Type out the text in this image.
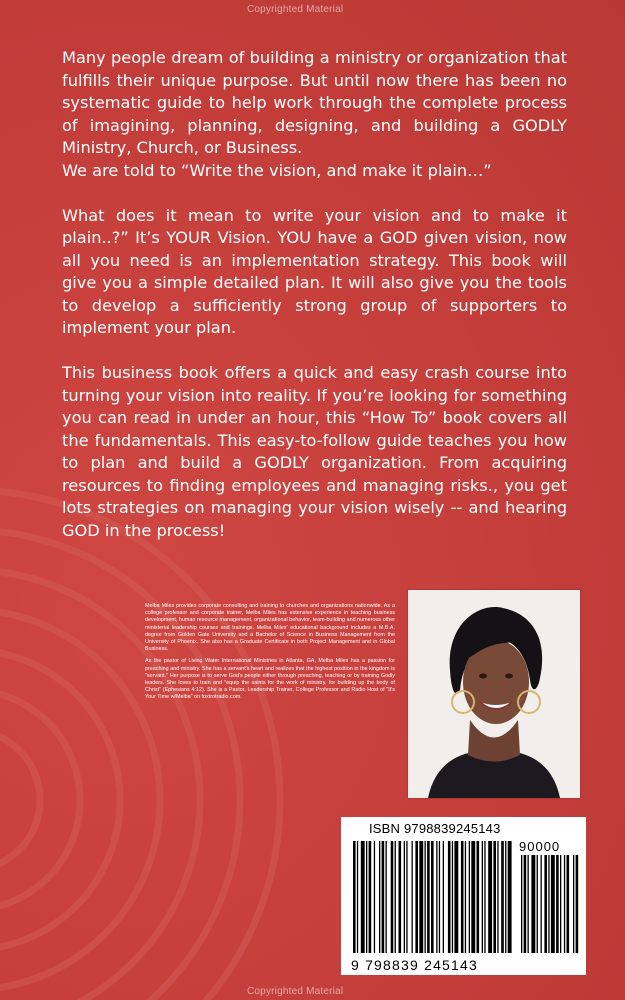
Copyrighted Material

Many people dream of building a ministry or organization that fulfills their unique purpose. But until now there has been no systematic guide to help work through the complete process of imagining, planning, designing, and building a GODLY Ministry, Church, or Business.
We are told to “Write the vision, and make it plain…”

What does it mean to write your vision and to make it plain..?” It’s YOUR Vision. YOU have a GOD given vision, now all you need is an implementation strategy. This book will give you a simple detailed plan. It will also give you the tools to develop a sufficiently strong group of supporters to implement your plan.

This business book offers a quick and easy crash course into turning your vision into reality. If you’re looking for something you can read in under an hour, this “How To” book covers all the fundamentals. This easy-to-follow guide teaches you how to plan and build a GODLY organization. From acquiring resources to finding employees and managing risks., you get lots strategies on managing your vision wisely -- and hearing GOD in the process!

Melba Miles provides corporate consulting and training to churches and organizations nationwide. As a college professor and corporate trainer, Melba Miles has extensive experience in teaching business development, human resource management, organizational behavior, team-building and numerous other ministerial leadership courses and trainings. Melba Miles' educational background includes a M.B.A. degree from Golden Gate University and a Bachelor of Science in Business Management from the University of Phoenix. She also has a Graduate Certificate in both Project Management and in Global Business.

As the pastor of Living Water International Ministries in Atlanta, GA, Melba Miles has a passion for preaching and ministry. She has a servant's heart and realizes that the highest position in the kingdom is "servant." Her purpose is to serve God's people either through preaching, teaching or by training Godly leaders. She loves to train and "equip the saints for the work of ministry, for building up the body of Christ" (Ephesians 4:12). She is a Pastor, Leadership Trainer, College Professor and Radio Host of "It's Your Time w/Melba" on foxtrotradio.com.

ISBN 9798839245143
90000
9 798839 245143
Copyrighted Material
